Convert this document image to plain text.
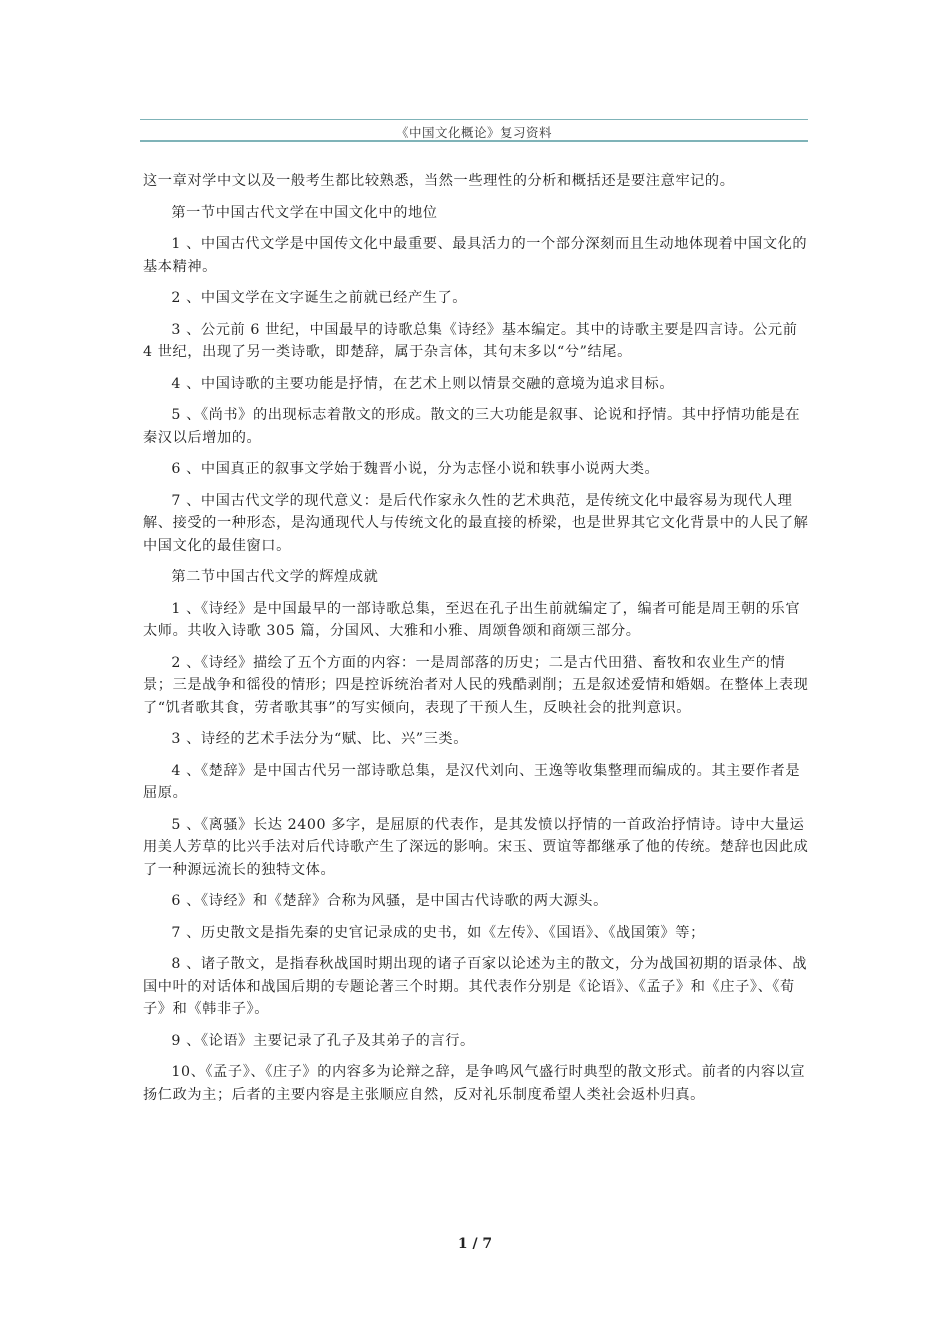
《中国文化概论》复习资料

这一章对学中文以及一般考生都比较熟悉，当然一些理性的分析和概括还是要注意牢记的。

第一节中国古代文学在中国文化中的地位

1 、中国古代文学是中国传文化中最重要、最具活力的一个部分深刻而且生动地体现着中国文化的基本精神。

2 、中国文学在文字诞生之前就已经产生了。

3 、公元前 6 世纪，中国最早的诗歌总集《诗经》基本编定。其中的诗歌主要是四言诗。公元前 4 世纪，出现了另一类诗歌，即楚辞，属于杂言体，其句末多以“兮”结尾。

4 、中国诗歌的主要功能是抒情，在艺术上则以情景交融的意境为追求目标。

5 、《尚书》的出现标志着散文的形成。散文的三大功能是叙事、论说和抒情。其中抒情功能是在秦汉以后增加的。

6 、中国真正的叙事文学始于魏晋小说，分为志怪小说和轶事小说两大类。

7 、中国古代文学的现代意义：是后代作家永久性的艺术典范，是传统文化中最容易为现代人理解、接受的一种形态，是沟通现代人与传统文化的最直接的桥梁，也是世界其它文化背景中的人民了解中国文化的最佳窗口。

第二节中国古代文学的辉煌成就

1 、《诗经》是中国最早的一部诗歌总集，至迟在孔子出生前就编定了，编者可能是周王朝的乐官太师。共收入诗歌 305 篇，分国风、大雅和小雅、周颂鲁颂和商颂三部分。

2 、《诗经》描绘了五个方面的内容：一是周部落的历史；二是古代田猎、畜牧和农业生产的情景；三是战争和徭役的情形；四是控诉统治者对人民的残酷剥削；五是叙述爱情和婚姻。在整体上表现了“饥者歌其食，劳者歌其事”的写实倾向，表现了干预人生，反映社会的批判意识。

3 、诗经的艺术手法分为“赋、比、兴”三类。

4 、《楚辞》是中国古代另一部诗歌总集，是汉代刘向、王逸等收集整理而编成的。其主要作者是屈原。

5 、《离骚》长达 2400 多字，是屈原的代表作，是其发愤以抒情的一首政治抒情诗。诗中大量运用美人芳草的比兴手法对后代诗歌产生了深远的影响。宋玉、贾谊等都继承了他的传统。楚辞也因此成了一种源远流长的独特文体。

6 、《诗经》和《楚辞》合称为风骚，是中国古代诗歌的两大源头。

7 、历史散文是指先秦的史官记录成的史书，如《左传》、《国语》、《战国策》等；

8 、诸子散文，是指春秋战国时期出现的诸子百家以论述为主的散文，分为战国初期的语录体、战国中叶的对话体和战国后期的专题论著三个时期。其代表作分别是《论语》、《孟子》和《庄子》、《荀子》和《韩非子》。

9 、《论语》主要记录了孔子及其弟子的言行。

10、《孟子》、《庄子》的内容多为论辩之辞，是争鸣风气盛行时典型的散文形式。前者的内容以宣扬仁政为主；后者的主要内容是主张顺应自然，反对礼乐制度希望人类社会返朴归真。

1 / 7
